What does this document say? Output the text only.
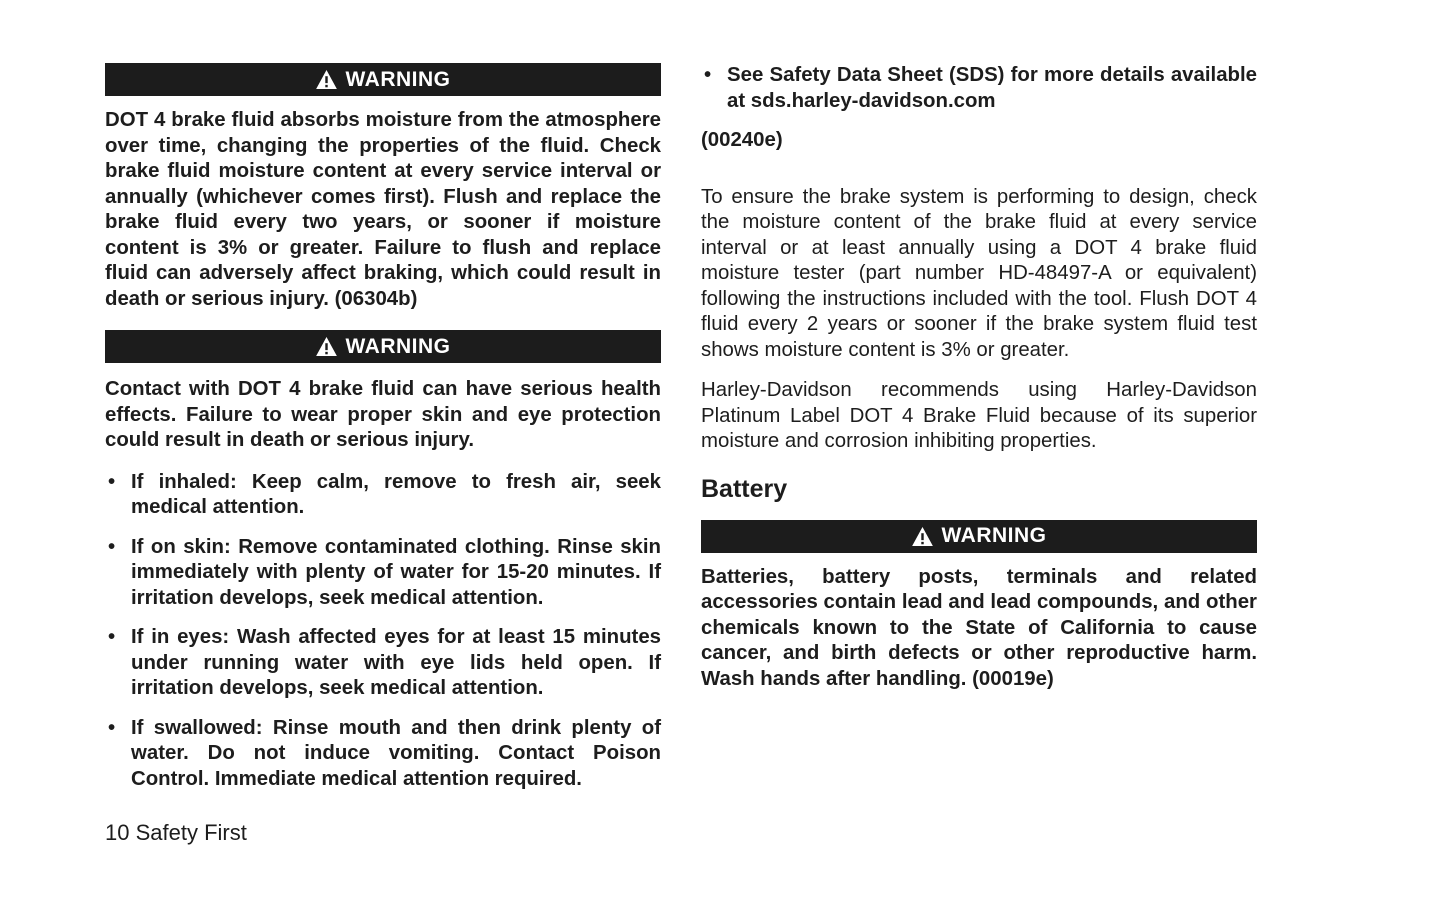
WARNING
DOT 4 brake fluid absorbs moisture from the atmosphere over time, changing the properties of the fluid. Check brake fluid moisture content at every service interval or annually (whichever comes first). Flush and replace the brake fluid every two years, or sooner if moisture content is 3% or greater. Failure to flush and replace fluid can adversely affect braking, which could result in death or serious injury. (06304b)
WARNING
Contact with DOT 4 brake fluid can have serious health effects. Failure to wear proper skin and eye protection could result in death or serious injury.
• If inhaled: Keep calm, remove to fresh air, seek medical attention.
• If on skin: Remove contaminated clothing. Rinse skin immediately with plenty of water for 15-20 minutes. If irritation develops, seek medical attention.
• If in eyes: Wash affected eyes for at least 15 minutes under running water with eye lids held open. If irritation develops, seek medical attention.
• If swallowed: Rinse mouth and then drink plenty of water. Do not induce vomiting. Contact Poison Control. Immediate medical attention required.
• See Safety Data Sheet (SDS) for more details available at sds.harley-davidson.com
(00240e)
To ensure the brake system is performing to design, check the moisture content of the brake fluid at every service interval or at least annually using a DOT 4 brake fluid moisture tester (part number HD-48497-A or equivalent) following the instructions included with the tool. Flush DOT 4 fluid every 2 years or sooner if the brake system fluid test shows moisture content is 3% or greater.
Harley-Davidson recommends using Harley-Davidson Platinum Label DOT 4 Brake Fluid because of its superior moisture and corrosion inhibiting properties.
Battery
WARNING
Batteries, battery posts, terminals and related accessories contain lead and lead compounds, and other chemicals known to the State of California to cause cancer, and birth defects or other reproductive harm. Wash hands after handling. (00019e)
10 Safety First
